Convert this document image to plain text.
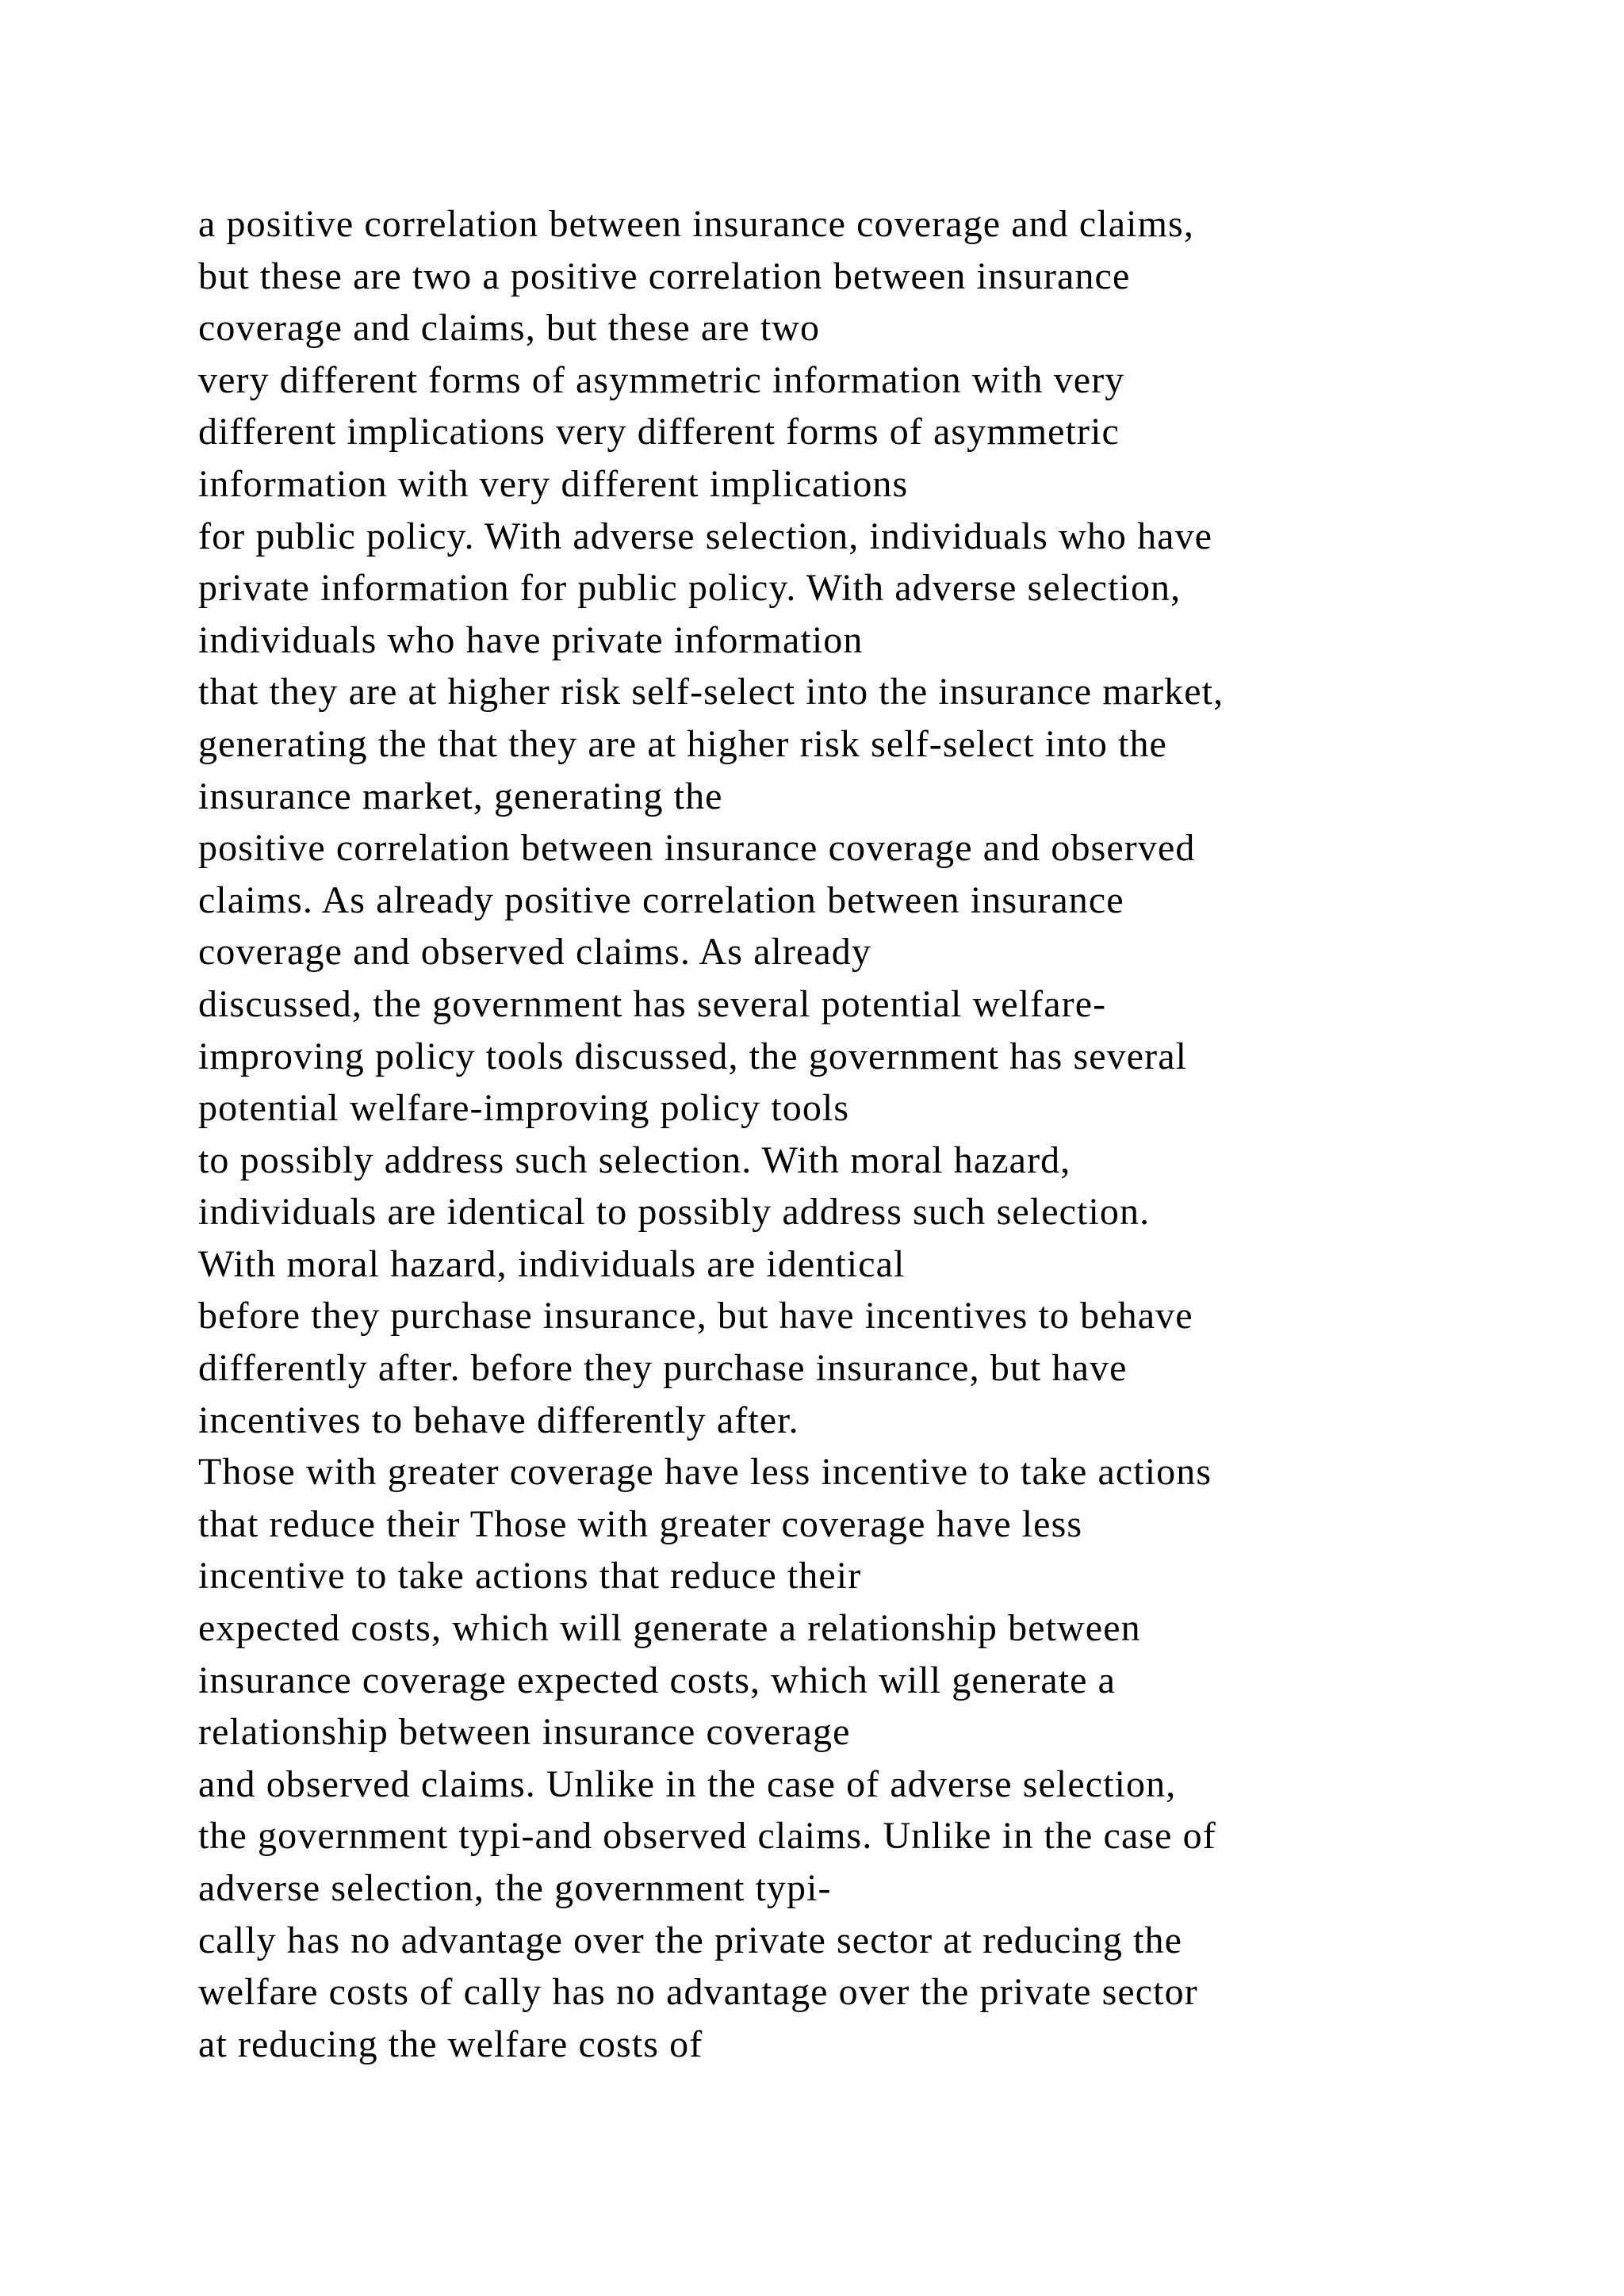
a positive correlation between insurance coverage and claims,
but these are two a positive correlation between insurance
coverage and claims, but these are two
very different forms of asymmetric information with very
different implications very different forms of asymmetric
information with very different implications
for public policy. With adverse selection, individuals who have
private information for public policy. With adverse selection,
individuals who have private information
that they are at higher risk self-select into the insurance market,
generating the that they are at higher risk self-select into the
insurance market, generating the
positive correlation between insurance coverage and observed
claims. As already positive correlation between insurance
coverage and observed claims. As already
discussed, the government has several potential welfare-
improving policy tools discussed, the government has several
potential welfare-improving policy tools
to possibly address such selection. With moral hazard,
individuals are identical to possibly address such selection.
With moral hazard, individuals are identical
before they purchase insurance, but have incentives to behave
differently after. before they purchase insurance, but have
incentives to behave differently after.
Those with greater coverage have less incentive to take actions
that reduce their Those with greater coverage have less
incentive to take actions that reduce their
expected costs, which will generate a relationship between
insurance coverage expected costs, which will generate a
relationship between insurance coverage
and observed claims. Unlike in the case of adverse selection,
the government typi-and observed claims. Unlike in the case of
adverse selection, the government typi-
cally has no advantage over the private sector at reducing the
welfare costs of cally has no advantage over the private sector
at reducing the welfare costs of
